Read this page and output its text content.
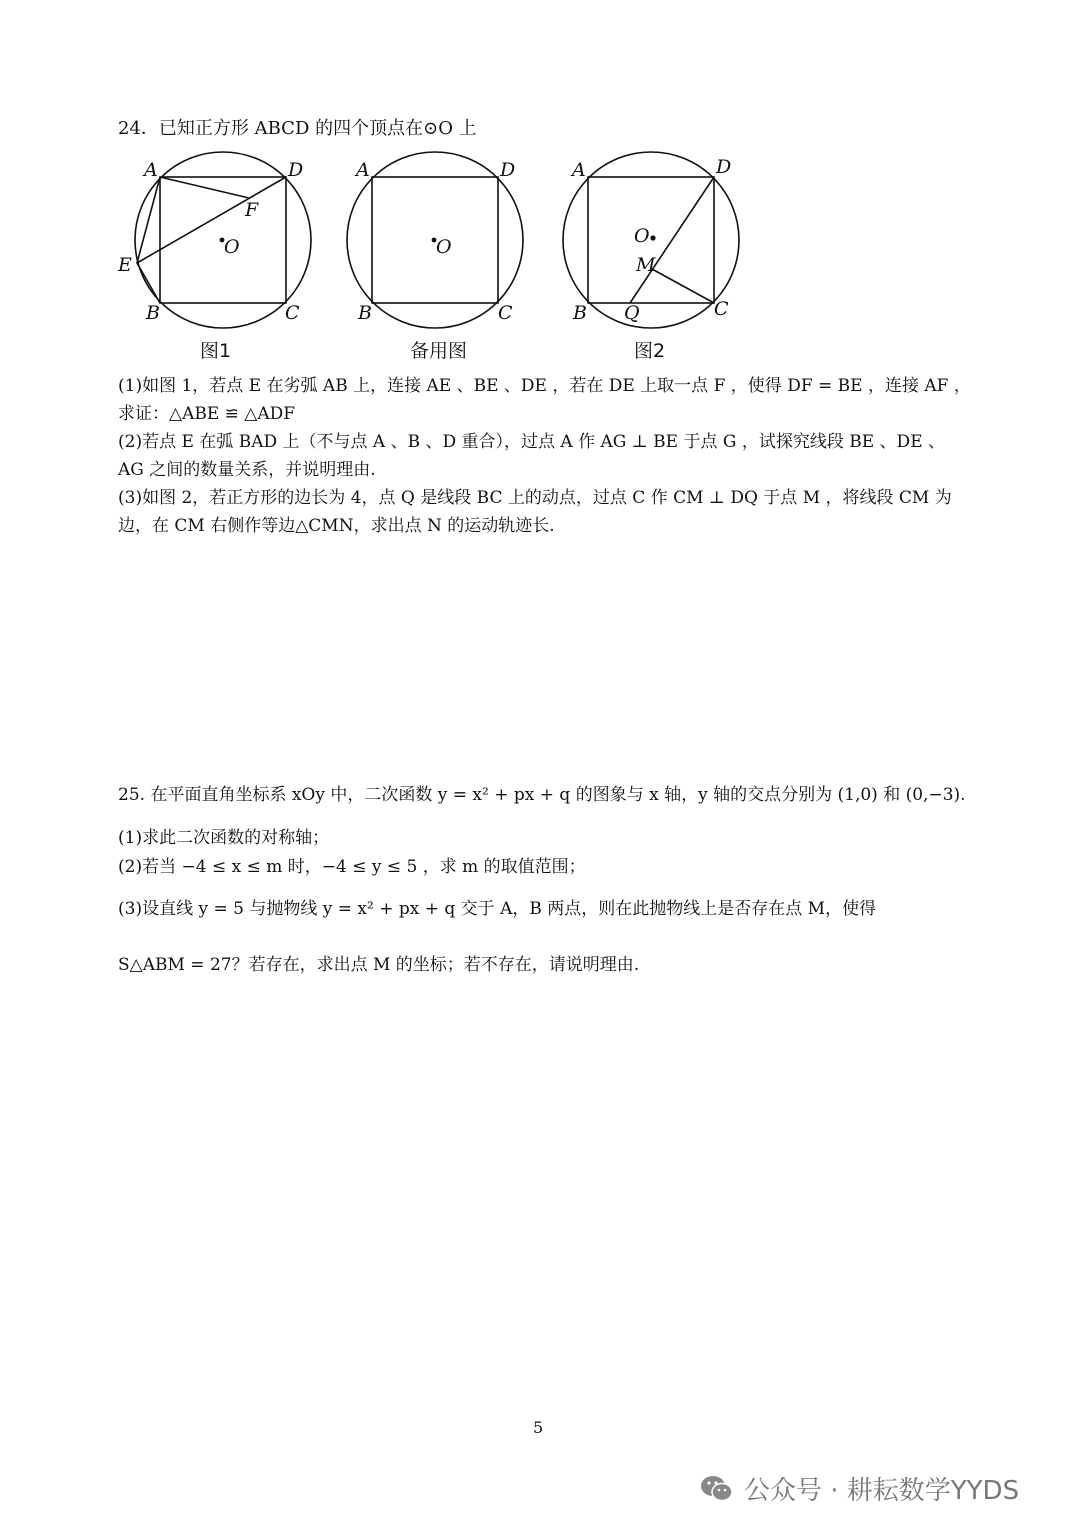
24．已知正方形 ABCD 的四个顶点在⊙O 上
A	D
F
O
E
B	C
A	D
O
B	C
A	D
O
M
B Q	C
图1	备用图	图2
(1)如图 1，若点 E 在劣弧 AB 上，连接 AE 、BE 、DE ，若在 DE 上取一点 F ，使得 DF = BE ，连接 AF ，
求证：△ABE ≌ △ADF
(2)若点 E 在弧 BAD 上（不与点 A 、B 、D 重合），过点 A 作 AG ⊥ BE 于点 G ，试探究线段 BE 、DE 、
AG 之间的数量关系，并说明理由.
(3)如图 2，若正方形的边长为 4，点 Q 是线段 BC 上的动点，过点 C 作 CM ⊥ DQ 于点 M ，将线段 CM 为
边，在 CM 右侧作等边△CMN，求出点 N 的运动轨迹长.
25. 在平面直角坐标系 xOy 中，二次函数 y = x² + px + q 的图象与 x 轴，y 轴的交点分别为 (1,0) 和 (0,−3).
(1)求此二次函数的对称轴；
(2)若当 −4 ≤ x ≤ m 时，−4 ≤ y ≤ 5 ，求 m 的取值范围；
(3)设直线 y = 5 与抛物线 y = x² + px + q 交于 A，B 两点，则在此抛物线上是否存在点 M，使得
S△ABM = 27？若存在，求出点 M 的坐标；若不存在，请说明理由.
5
公众号 · 耕耘数学YYDS
